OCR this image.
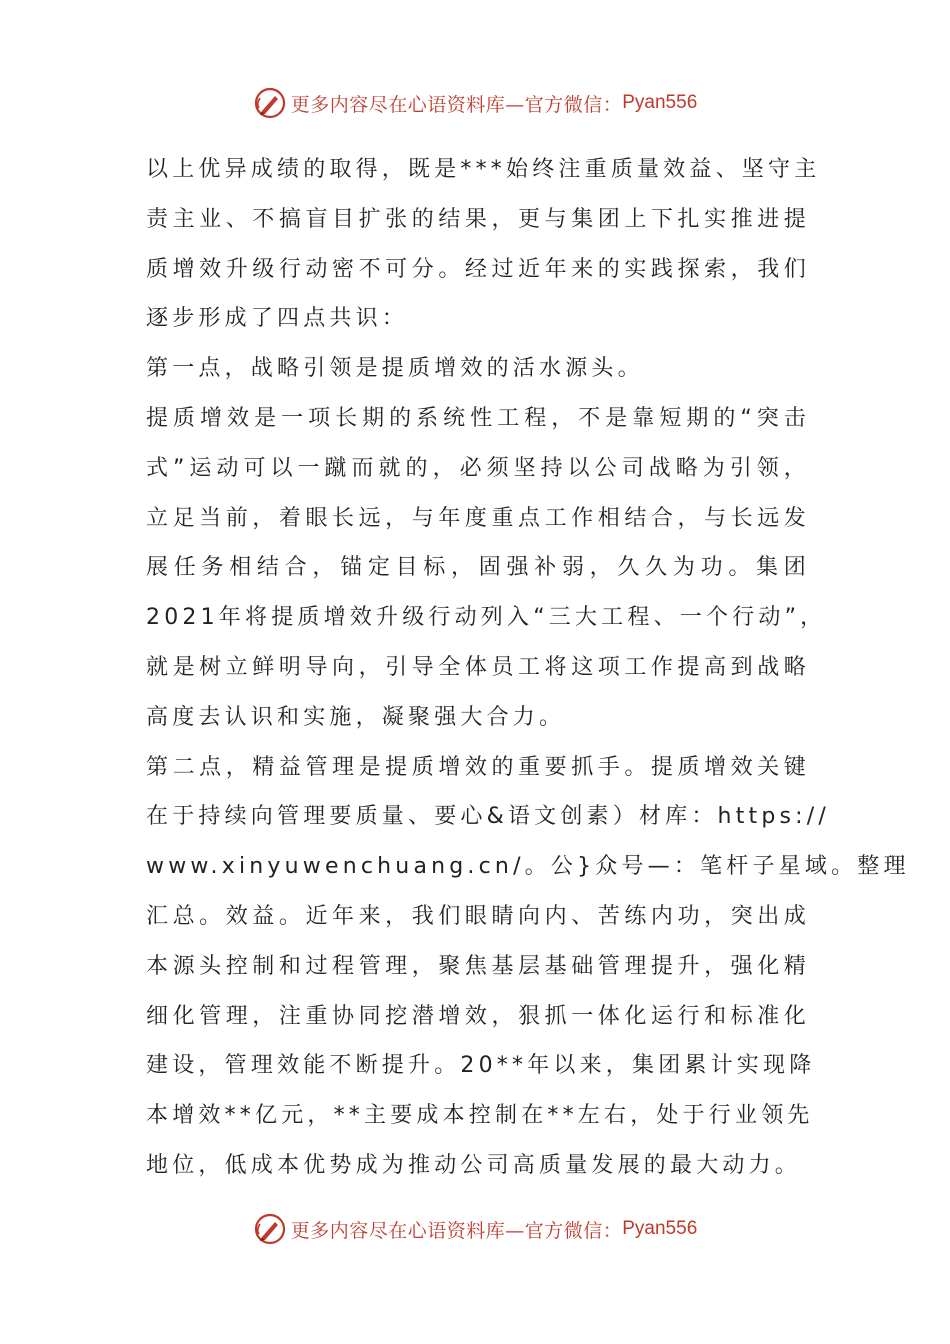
更多内容尽在心语资料库—官方微信： Pyan556
以上优异成绩的取得，既是***始终注重质量效益、坚守主
责主业、不搞盲目扩张的结果，更与集团上下扎实推进提
质增效升级行动密不可分。经过近年来的实践探索，我们
逐步形成了四点共识：
第一点，战略引领是提质增效的活水源头。
提质增效是一项长期的系统性工程，不是靠短期的“突击
式”运动可以一蹴而就的，必须坚持以公司战略为引领，
立足当前，着眼长远，与年度重点工作相结合，与长远发
展任务相结合，锚定目标，固强补弱，久久为功。集团
2021年将提质增效升级行动列入“三大工程、一个行动”，
就是树立鲜明导向，引导全体员工将这项工作提高到战略
高度去认识和实施，凝聚强大合力。
第二点，精益管理是提质增效的重要抓手。提质增效关键
在于持续向管理要质量、要心&语文创素）材库：https://
www.xinyuwenchuang.cn/。公}众号—：笔杆子星域。整理
汇总。效益。近年来，我们眼睛向内、苦练内功，突出成
本源头控制和过程管理，聚焦基层基础管理提升，强化精
细化管理，注重协同挖潜增效，狠抓一体化运行和标准化
建设，管理效能不断提升。20**年以来，集团累计实现降
本增效**亿元，**主要成本控制在**左右，处于行业领先
地位，低成本优势成为推动公司高质量发展的最大动力。
更多内容尽在心语资料库—官方微信： Pyan556
